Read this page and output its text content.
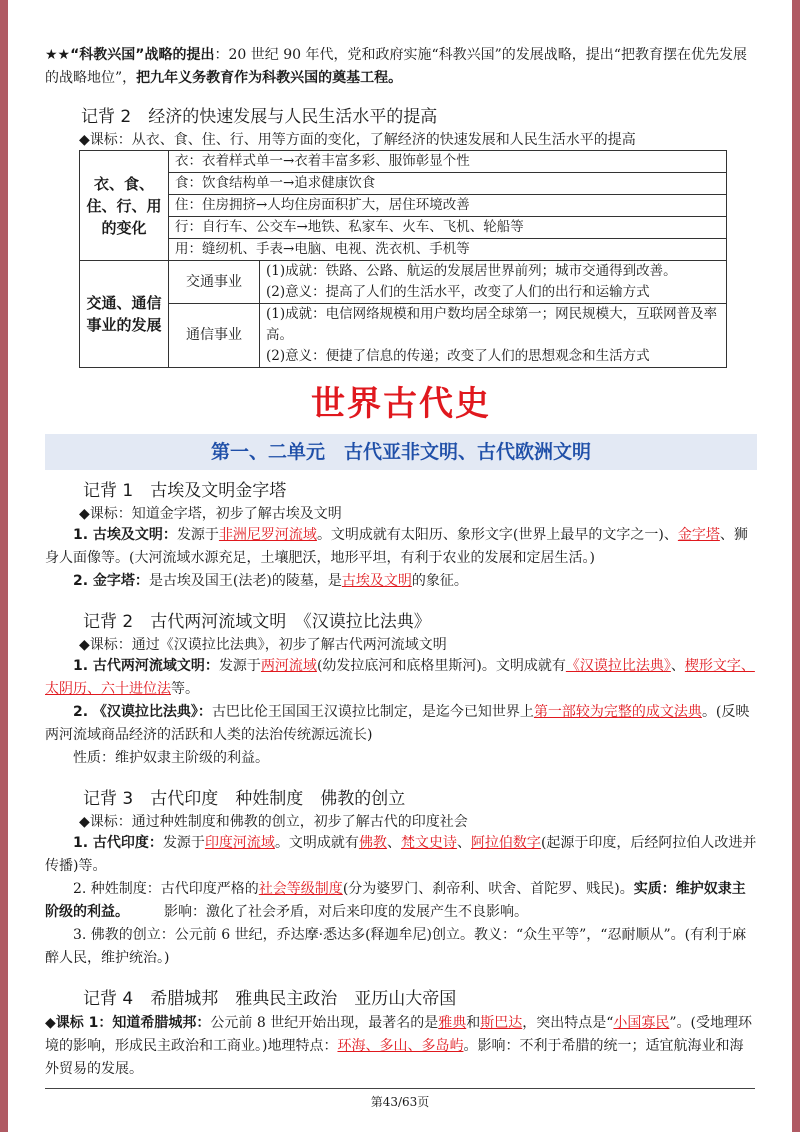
★★“科教兴国”战略的提出：20 世纪 90 年代，党和政府实施“科教兴国”的发展战略，提出“把教育摆在优先发展的战略地位”，把九年义务教育作为科教兴国的奠基工程。

记背 2　经济的快速发展与人民生活水平的提高

◆课标：从衣、食、住、行、用等方面的变化，了解经济的快速发展和人民生活水平的提高

衣、食、住、行、用的变化	衣：衣着样式单一→衣着丰富多彩、服饰彰显个性	
	食：饮食结构单一→追求健康饮食	
	住：住房拥挤→人均住房面积扩大，居住环境改善	
	行：自行车、公交车→地铁、私家车、火车、飞机、轮船等	
	用：缝纫机、手表→电脑、电视、洗衣机、手机等	
交通、通信事业的发展	交通事业	(1)成就：铁路、公路、航运的发展居世界前列；城市交通得到改善。
(2)意义：提高了人们的生活水平，改变了人们的出行和运输方式

	通信事业	(1)成就：电信网络规模和用户数均居全球第一；网民规模大，互联网普及率高。
(2)意义：便捷了信息的传递；改变了人们的思想观念和生活方式

世界古代史

第一、二单元　古代亚非文明、古代欧洲文明

记背 1　古埃及文明金字塔

◆课标：知道金字塔，初步了解古埃及文明

1. 古埃及文明：发源于非洲尼罗河流域。文明成就有太阳历、象形文字(世界上最早的文字之一)、金字塔、狮身人面像等。(大河流域水源充足，土壤肥沃，地形平坦，有利于农业的发展和定居生活。)

2. 金字塔：是古埃及国王(法老)的陵墓，是古埃及文明的象征。

记背 2　古代两河流域文明　《汉谟拉比法典》

◆课标：通过《汉谟拉比法典》，初步了解古代两河流域文明

1. 古代两河流域文明：发源于两河流域(幼发拉底河和底格里斯河)。文明成就有《汉谟拉比法典》、楔形文字、太阴历、六十进位法等。

2. 《汉谟拉比法典》：古巴比伦王国国王汉谟拉比制定，是迄今已知世界上第一部较为完整的成文法典。(反映两河流域商品经济的活跃和人类的法治传统源远流长)

性质：维护奴隶主阶级的利益。

记背 3　古代印度　种姓制度　佛教的创立

◆课标：通过种姓制度和佛教的创立，初步了解古代的印度社会

1. 古代印度：发源于印度河流域。文明成就有佛教、梵文史诗、阿拉伯数字(起源于印度，后经阿拉伯人改进并传播)等。

2. 种姓制度：古代印度严格的社会等级制度(分为婆罗门、刹帝利、吠舍、首陀罗、贱民)。实质：维护奴隶主阶级的利益。　　　影响：激化了社会矛盾，对后来印度的发展产生不良影响。

3. 佛教的创立：公元前 6 世纪，乔达摩·悉达多(释迦牟尼)创立。教义：“众生平等”，“忍耐顺从”。(有利于麻醉人民，维护统治。)

记背 4　希腊城邦　雅典民主政治　亚历山大帝国

◆课标 1：知道希腊城邦：公元前 8 世纪开始出现，最著名的是雅典和斯巴达，突出特点是“小国寡民”。(受地理环境的影响，形成民主政治和工商业。)地理特点：环海、多山、多岛屿。影响：不利于希腊的统一；适宜航海业和海外贸易的发展。

第43/63页
